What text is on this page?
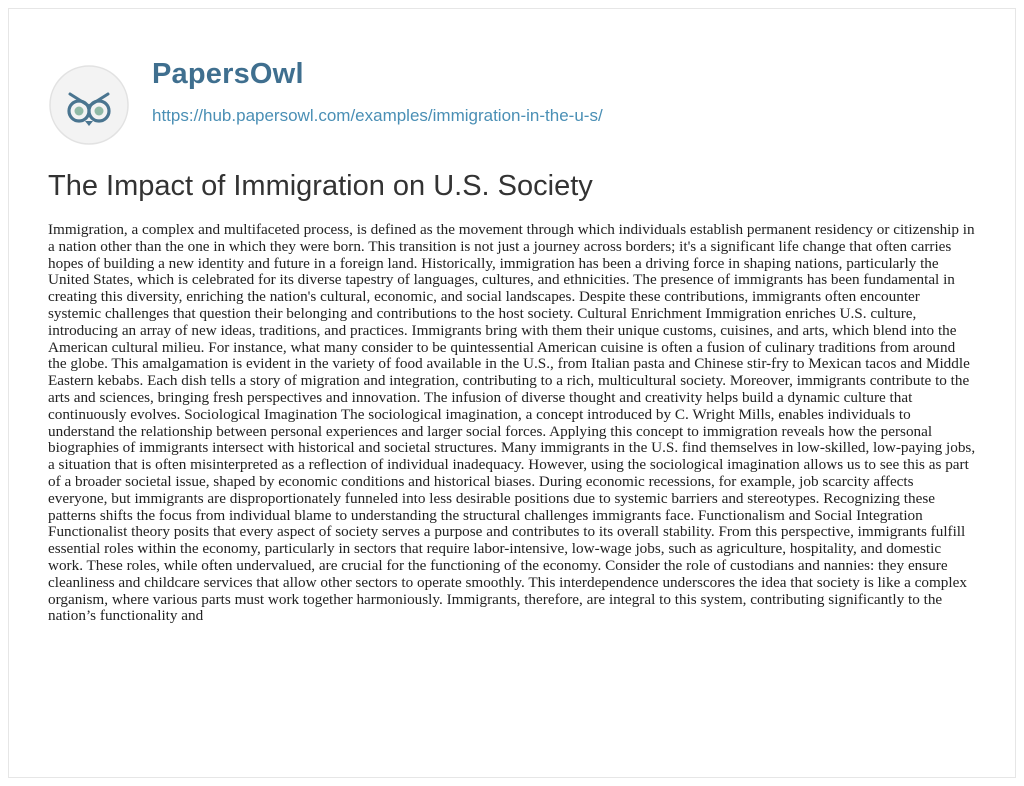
PapersOwl
https://hub.papersowl.com/examples/immigration-in-the-u-s/
The Impact of Immigration on U.S. Society

Immigration, a complex and multifaceted process, is defined as the movement through which individuals establish permanent residency or citizenship in a nation other than the one in which they were born. This transition is not just a journey across borders; it's a significant life change that often carries hopes of building a new identity and future in a foreign land. Historically, immigration has been a driving force in shaping nations, particularly the United States, which is celebrated for its diverse tapestry of languages, cultures, and ethnicities. The presence of immigrants has been fundamental in creating this diversity, enriching the nation's cultural, economic, and social landscapes. Despite these contributions, immigrants often encounter systemic challenges that question their belonging and contributions to the host society. Cultural Enrichment Immigration enriches U.S. culture, introducing an array of new ideas, traditions, and practices. Immigrants bring with them their unique customs, cuisines, and arts, which blend into the American cultural milieu. For instance, what many consider to be quintessential American cuisine is often a fusion of culinary traditions from around the globe. This amalgamation is evident in the variety of food available in the U.S., from Italian pasta and Chinese stir-fry to Mexican tacos and Middle Eastern kebabs. Each dish tells a story of migration and integration, contributing to a rich, multicultural society. Moreover, immigrants contribute to the arts and sciences, bringing fresh perspectives and innovation. The infusion of diverse thought and creativity helps build a dynamic culture that continuously evolves. Sociological Imagination The sociological imagination, a concept introduced by C. Wright Mills, enables individuals to understand the relationship between personal experiences and larger social forces. Applying this concept to immigration reveals how the personal biographies of immigrants intersect with historical and societal structures. Many immigrants in the U.S. find themselves in low-skilled, low-paying jobs, a situation that is often misinterpreted as a reflection of individual inadequacy. However, using the sociological imagination allows us to see this as part of a broader societal issue, shaped by economic conditions and historical biases. During economic recessions, for example, job scarcity affects everyone, but immigrants are disproportionately funneled into less desirable positions due to systemic barriers and stereotypes. Recognizing these patterns shifts the focus from individual blame to understanding the structural challenges immigrants face. Functionalism and Social Integration Functionalist theory posits that every aspect of society serves a purpose and contributes to its overall stability. From this perspective, immigrants fulfill essential roles within the economy, particularly in sectors that require labor-intensive, low-wage jobs, such as agriculture, hospitality, and domestic work. These roles, while often undervalued, are crucial for the functioning of the economy. Consider the role of custodians and nannies: they ensure cleanliness and childcare services that allow other sectors to operate smoothly. This interdependence underscores the idea that society is like a complex organism, where various parts must work together harmoniously. Immigrants, therefore, are integral to this system, contributing significantly to the nation’s functionality and
